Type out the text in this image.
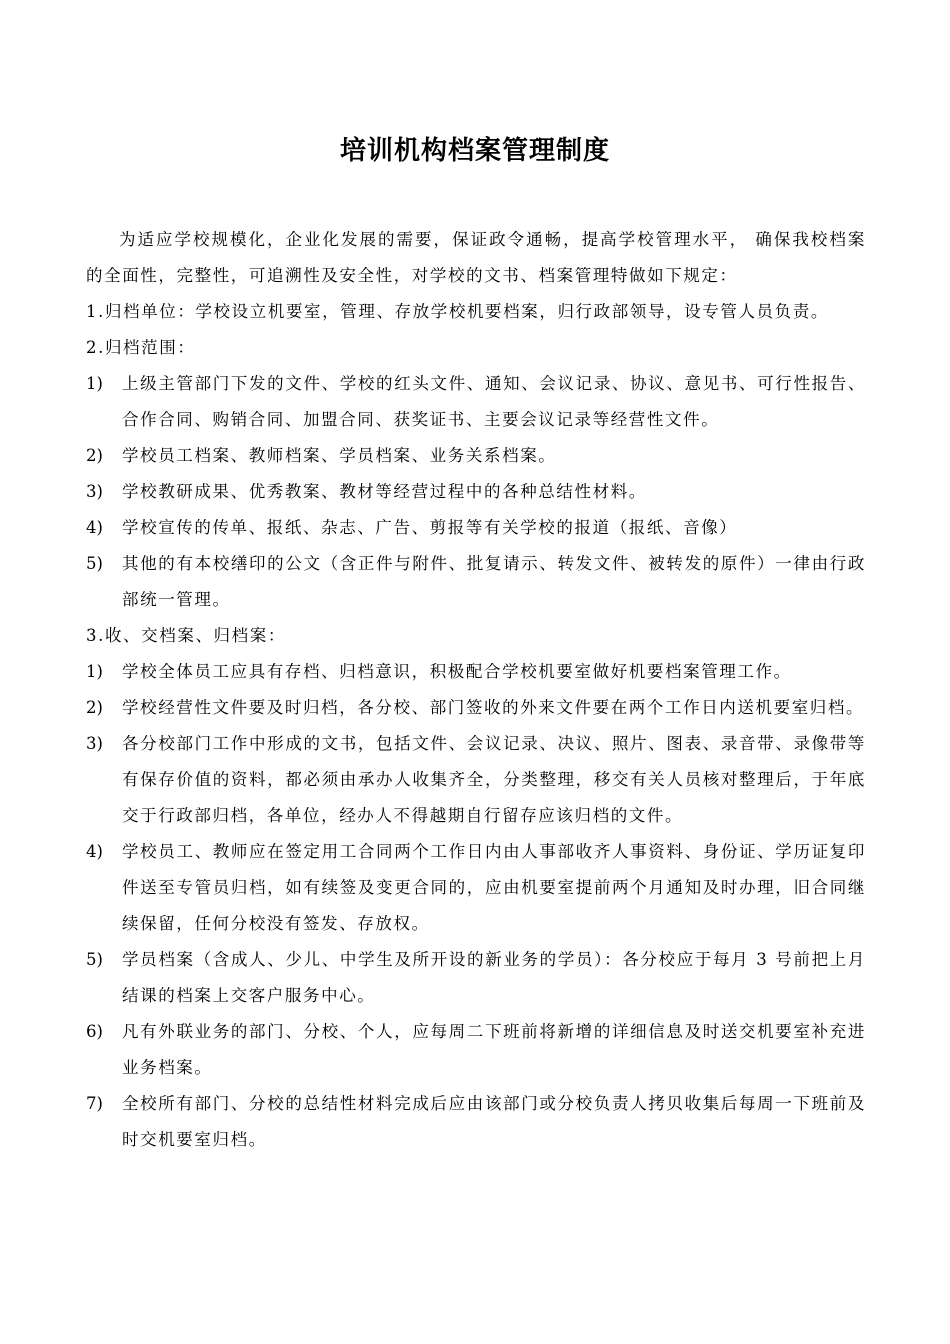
培训机构档案管理制度
为适应学校规模化，企业化发展的需要，保证政令通畅，提高学校管理水平， 确保我校档案的全面性，完整性，可追溯性及安全性，对学校的文书、档案管理特做如下规定：
1.归档单位：学校设立机要室，管理、存放学校机要档案，归行政部领导，设专管人员负责。
2.归档范围：
1)	上级主管部门下发的文件、学校的红头文件、通知、会议记录、协议、意见书、可行性报告、合作合同、购销合同、加盟合同、获奖证书、主要会议记录等经营性文件。
2)	学校员工档案、教师档案、学员档案、业务关系档案。
3)	学校教研成果、优秀教案、教材等经营过程中的各种总结性材料。
4)	学校宣传的传单、报纸、杂志、广告、剪报等有关学校的报道（报纸、音像）
5)	其他的有本校缮印的公文（含正件与附件、批复请示、转发文件、被转发的原件）一律由行政部统一管理。
3.收、交档案、归档案：
1)	学校全体员工应具有存档、归档意识，积极配合学校机要室做好机要档案管理工作。
2)	学校经营性文件要及时归档，各分校、部门签收的外来文件要在两个工作日内送机要室归档。
3)	各分校部门工作中形成的文书，包括文件、会议记录、决议、照片、图表、录音带、录像带等有保存价值的资料，都必须由承办人收集齐全，分类整理，移交有关人员核对整理后，于年底交于行政部归档，各单位，经办人不得越期自行留存应该归档的文件。
4)	学校员工、教师应在签定用工合同两个工作日内由人事部收齐人事资料、身份证、学历证复印件送至专管员归档，如有续签及变更合同的，应由机要室提前两个月通知及时办理，旧合同继续保留，任何分校没有签发、存放权。
5)	学员档案（含成人、少儿、中学生及所开设的新业务的学员）：各分校应于每月 3 号前把上月结课的档案上交客户服务中心。
6)	凡有外联业务的部门、分校、个人，应每周二下班前将新增的详细信息及时送交机要室补充进业务档案。
7)	全校所有部门、分校的总结性材料完成后应由该部门或分校负责人拷贝收集后每周一下班前及时交机要室归档。
